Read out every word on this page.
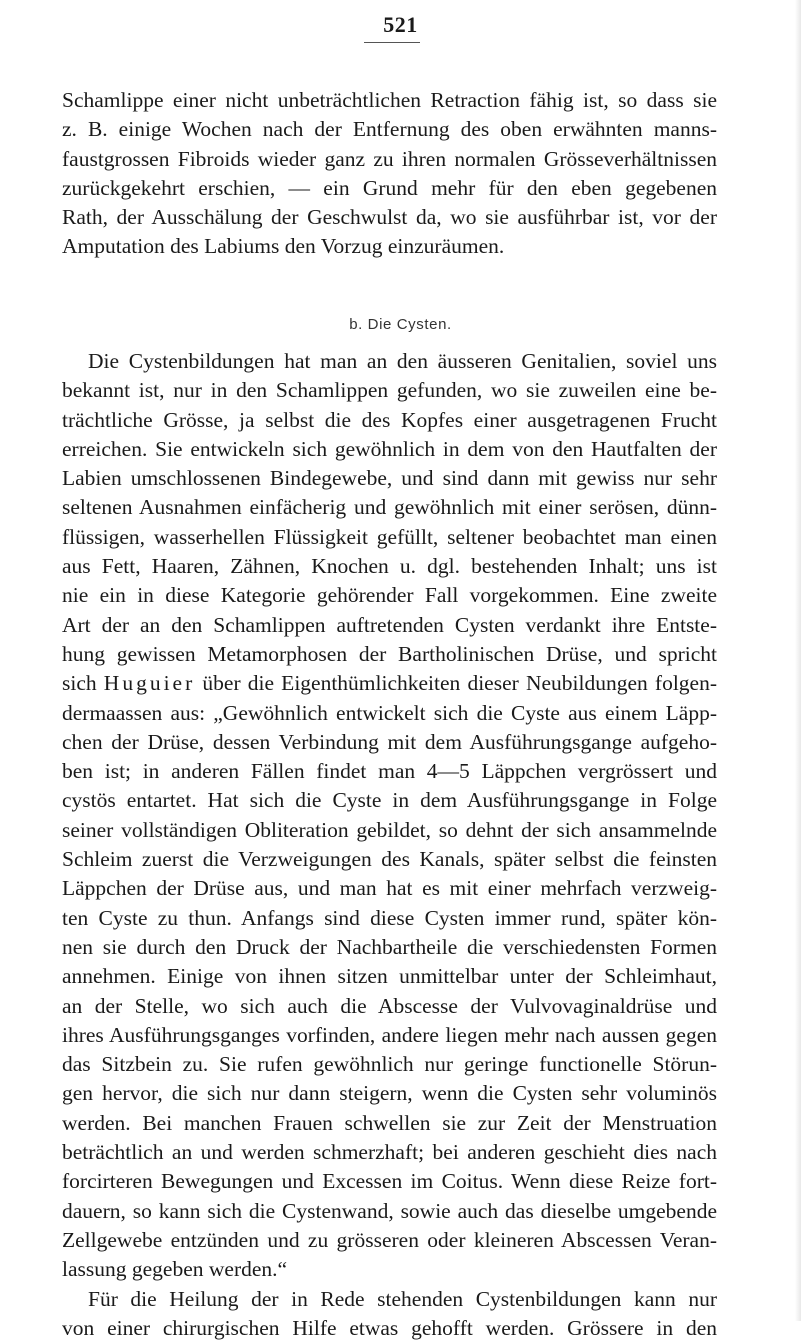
521
Schamlippe einer nicht unbeträchtlichen Retraction fähig ist, so dass sie
z. B. einige Wochen nach der Entfernung des oben erwähnten manns-
faustgrossen Fibroids wieder ganz zu ihren normalen Grösseverhältnissen
zurückgekehrt erschien, — ein Grund mehr für den eben gegebenen
Rath, der Ausschälung der Geschwulst da, wo sie ausführbar ist, vor der
Amputation des Labiums den Vorzug einzuräumen.
b. Die Cysten.
Die Cystenbildungen hat man an den äusseren Genitalien, soviel uns
bekannt ist, nur in den Schamlippen gefunden, wo sie zuweilen eine be-
trächtliche Grösse, ja selbst die des Kopfes einer ausgetragenen Frucht
erreichen. Sie entwickeln sich gewöhnlich in dem von den Hautfalten der
Labien umschlossenen Bindegewebe, und sind dann mit gewiss nur sehr
seltenen Ausnahmen einfächerig und gewöhnlich mit einer serösen, dünn-
flüssigen, wasserhellen Flüssigkeit gefüllt, seltener beobachtet man einen
aus Fett, Haaren, Zähnen, Knochen u. dgl. bestehenden Inhalt; uns ist
nie ein in diese Kategorie gehörender Fall vorgekommen. Eine zweite
Art der an den Schamlippen auftretenden Cysten verdankt ihre Entste-
hung gewissen Metamorphosen der Bartholinischen Drüse, und spricht
sich Huguier über die Eigenthümlichkeiten dieser Neubildungen folgen-
dermaassen aus: „Gewöhnlich entwickelt sich die Cyste aus einem Läpp-
chen der Drüse, dessen Verbindung mit dem Ausführungsgange aufgeho-
ben ist; in anderen Fällen findet man 4—5 Läppchen vergrössert und
cystös entartet. Hat sich die Cyste in dem Ausführungsgange in Folge
seiner vollständigen Obliteration gebildet, so dehnt der sich ansammelnde
Schleim zuerst die Verzweigungen des Kanals, später selbst die feinsten
Läppchen der Drüse aus, und man hat es mit einer mehrfach verzweig-
ten Cyste zu thun. Anfangs sind diese Cysten immer rund, später kön-
nen sie durch den Druck der Nachbartheile die verschiedensten Formen
annehmen. Einige von ihnen sitzen unmittelbar unter der Schleimhaut,
an der Stelle, wo sich auch die Abscesse der Vulvovaginaldrüse und
ihres Ausführungsganges vorfinden, andere liegen mehr nach aussen gegen
das Sitzbein zu. Sie rufen gewöhnlich nur geringe functionelle Störun-
gen hervor, die sich nur dann steigern, wenn die Cysten sehr voluminös
werden. Bei manchen Frauen schwellen sie zur Zeit der Menstruation
beträchtlich an und werden schmerzhaft; bei anderen geschieht dies nach
forcirteren Bewegungen und Excessen im Coitus. Wenn diese Reize fort-
dauern, so kann sich die Cystenwand, sowie auch das dieselbe umgebende
Zellgewebe entzünden und zu grösseren oder kleineren Abscessen Veran-
lassung gegeben werden.“
Für die Heilung der in Rede stehenden Cystenbildungen kann nur
von einer chirurgischen Hilfe etwas gehofft werden. Grössere in den
